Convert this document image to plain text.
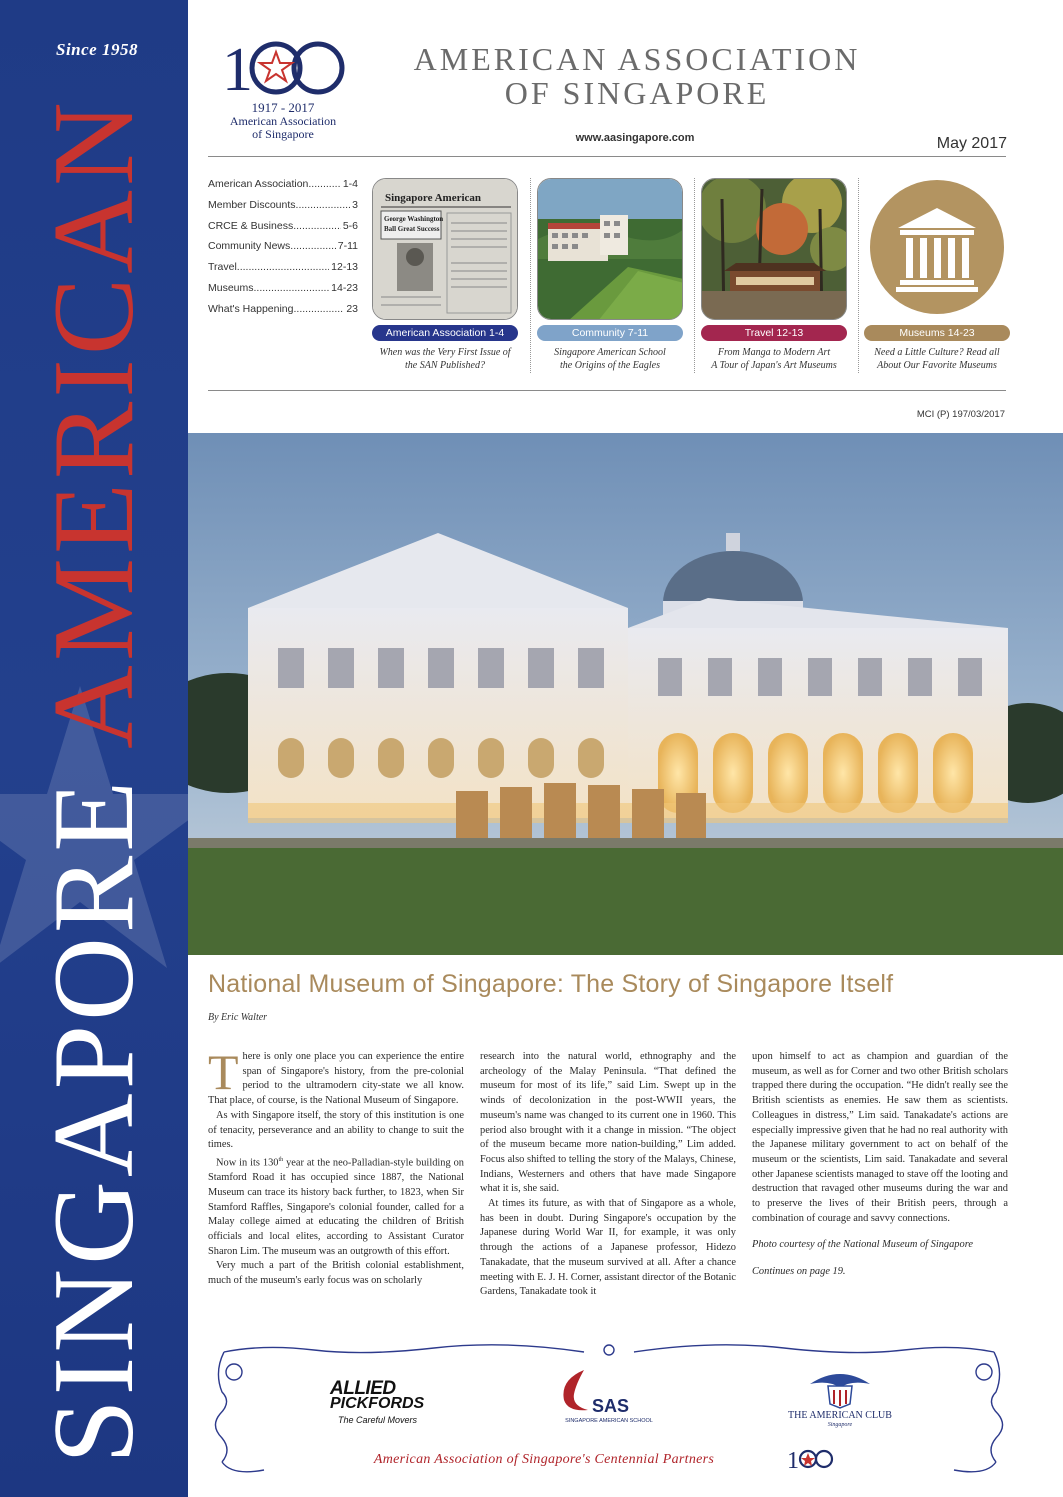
Since 1958
SINGAPORE
AMERICAN
1
1917 - 2017
American Association
of Singapore
AMERICAN ASSOCIATION
OF SINGAPORE
www.aasingapore.com	May 2017
American Association .....	1-4
Member Discounts .....	3
CRCE & Business .....	5-6
Community News .....	7-11
Travel .....	12-13
Museums .....	14-23
What's Happening .....	23
Singapore American
George Washington
Ball Great Success
American Association 1-4
When was the Very First Issue of
the SAN Published?
Community 7-11
Singapore American School
the Origins of the Eagles
Travel 12-13
From Manga to Modern Art
A Tour of Japan's Art Museums
Museums 14-23
Need a Little Culture? Read all
About Our Favorite Museums
MCI (P) 197/03/2017
National Museum of Singapore: The Story of Singapore Itself
By Eric Walter

There is only one place you can experience the entire span of Singapore's history, from the pre-colonial period to the ultramodern city-state we all know. That place, of course, is the National Museum of Singapore.

As with Singapore itself, the story of this institution is one of tenacity, perseverance and an ability to change to suit the times.

Now in its 130th year at the neo-Palladian-style building on Stamford Road it has occupied since 1887, the National Museum can trace its history back further, to 1823, when Sir Stamford Raffles, Singapore's colonial founder, called for a Malay college aimed at educating the children of British officials and local elites, according to Assistant Curator Sharon Lim. The museum was an outgrowth of this effort.

Very much a part of the British colonial establishment, much of the museum's early focus was on scholarly

research into the natural world, ethnography and the archeology of the Malay Peninsula. “That defined the museum for most of its life,” said Lim. Swept up in the winds of decolonization in the post-WWII years, the museum's name was changed to its current one in 1960. This period also brought with it a change in mission. “The object of the museum became more nation-building,” Lim added. Focus also shifted to telling the story of the Malays, Chinese, Indians, Westerners and others that have made Singapore what it is, she said.

At times its future, as with that of Singapore as a whole, has been in doubt. During Singapore's occupation by the Japanese during World War II, for example, it was only through the actions of a Japanese professor, Hidezo Tanakadate, that the museum survived at all. After a chance meeting with E. J. H. Corner, assistant director of the Botanic Gardens, Tanakadate took it

upon himself to act as champion and guardian of the museum, as well as for Corner and two other British scholars trapped there during the occupation. “He didn't really see the British scientists as enemies. He saw them as scientists. Colleagues in distress,” Lim said. Tanakadate's actions are especially impressive given that he had no real authority with the Japanese military government to act on behalf of the museum or the scientists, Lim said. Tanakadate and several other Japanese scientists managed to stave off the looting and destruction that ravaged other museums during the war and to preserve the lives of their British peers, through a combination of courage and savvy connections.

Photo courtesy of the National Museum of Singapore

Continues on page 19.

ALLIED
PICKFORDS
The Careful Movers
SAS
SINGAPORE AMERICAN SCHOOL	THE AMERICAN CLUB
Singapore
American Association of Singapore's Centennial Partners	1
